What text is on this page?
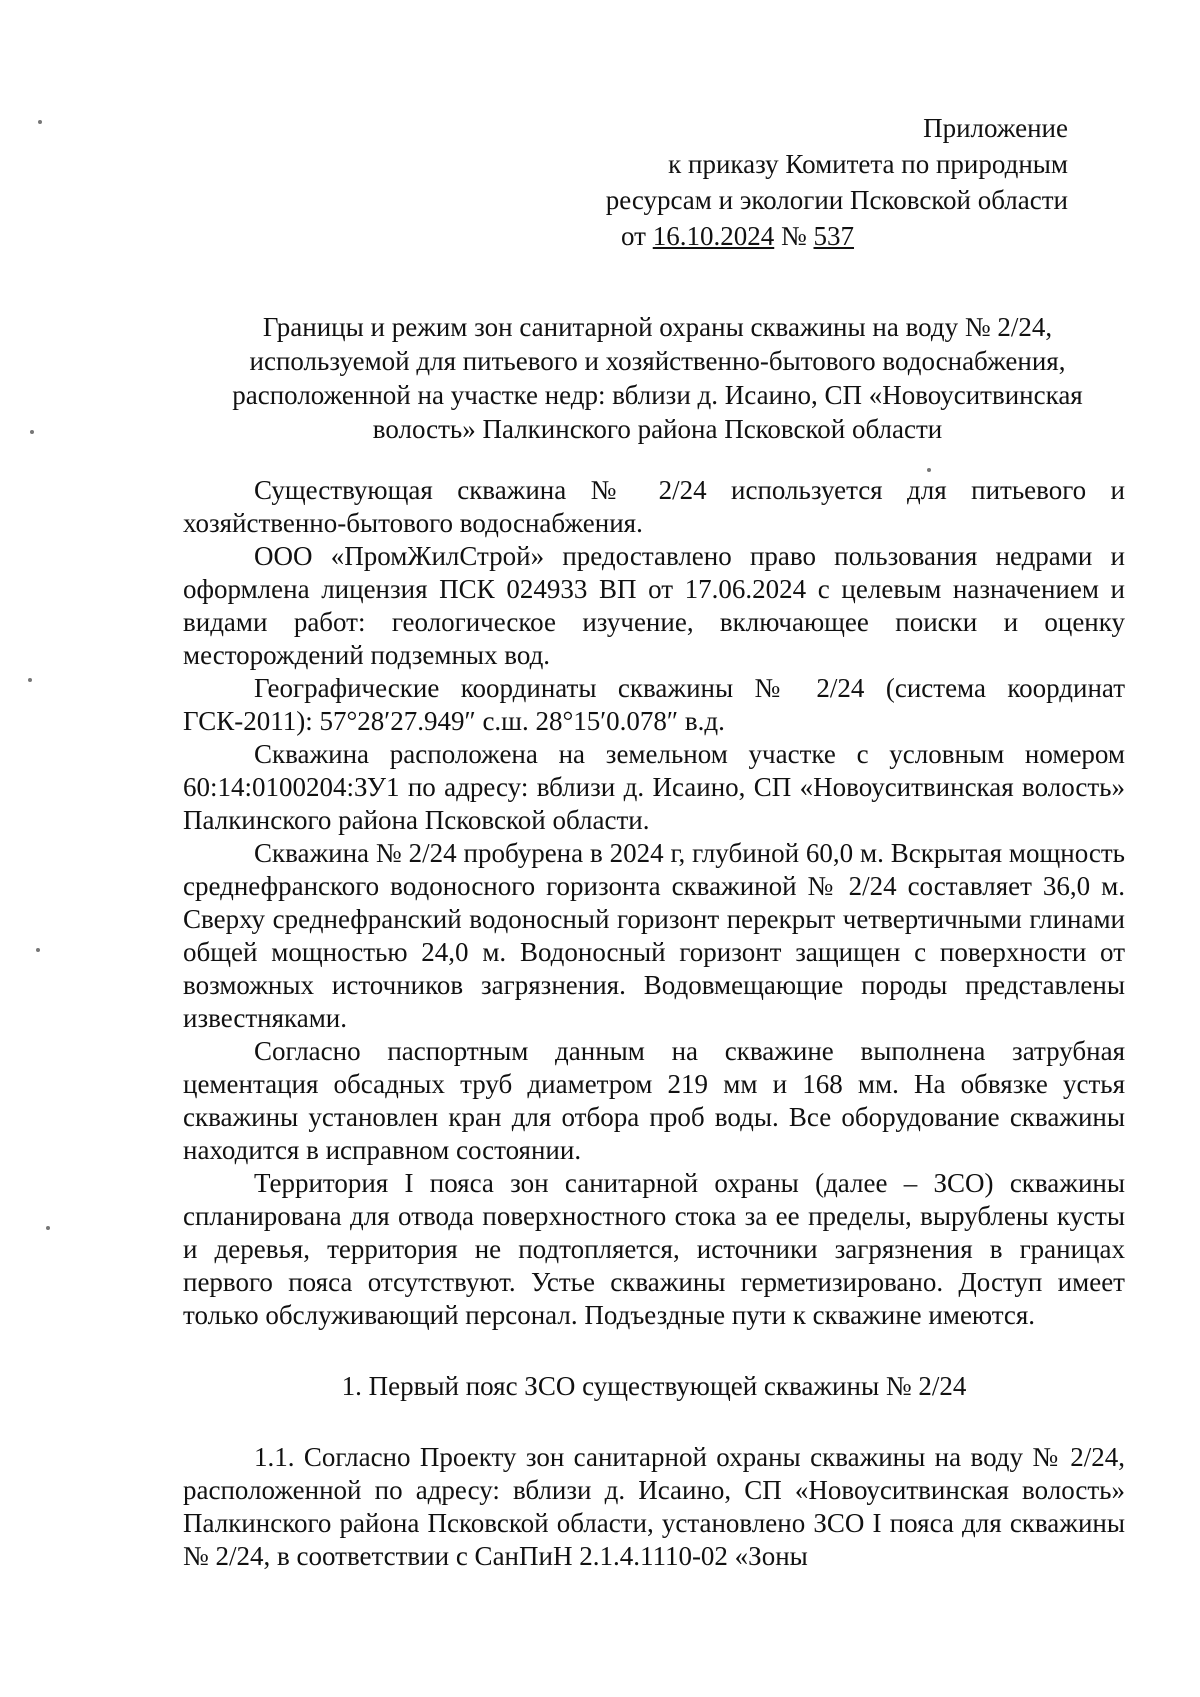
Приложение
к приказу Комитета по природным
ресурсам и экологии Псковской области
от 16.10.2024 № 537
Границы и режим зон санитарной охраны скважины на воду № 2/24,
используемой для питьевого и хозяйственно-бытового водоснабжения,
расположенной на участке недр: вблизи д. Исаино, СП «Новоуситвинская
волость» Палкинского района Псковской области

Существующая скважина № 2/24 используется для питьевого и хозяйственно-бытового водоснабжения.

ООО «ПромЖилСтрой» предоставлено право пользования недрами и оформлена лицензия ПСК 024933 ВП от 17.06.2024 с целевым назначением и видами работ: геологическое изучение, включающее поиски и оценку месторождений подземных вод.

Географические координаты скважины № 2/24 (система координат ГСК-2011): 57°28′27.949″ с.ш. 28°15′0.078″ в.д.

Скважина расположена на земельном участке с условным номером 60:14:0100204:ЗУ1 по адресу: вблизи д. Исаино, СП «Новоуситвинская волость» Палкинского района Псковской области.

Скважина № 2/24 пробурена в 2024 г, глубиной 60,0 м. Вскрытая мощность среднефранского водоносного горизонта скважиной № 2/24 составляет 36,0 м. Сверху среднефранский водоносный горизонт перекрыт четвертичными глинами общей мощностью 24,0 м. Водоносный горизонт защищен с поверхности от возможных источников загрязнения. Водовмещающие породы представлены известняками.

Согласно паспортным данным на скважине выполнена затрубная цементация обсадных труб диаметром 219 мм и 168 мм. На обвязке устья скважины установлен кран для отбора проб воды. Все оборудование скважины находится в исправном состоянии.

Территория I пояса зон санитарной охраны (далее – ЗСО) скважины спланирована для отвода поверхностного стока за ее пределы, вырублены кусты и деревья, территория не подтопляется, источники загрязнения в границах первого пояса отсутствуют. Устье скважины герметизировано. Доступ имеет только обслуживающий персонал. Подъездные пути к скважине имеются.

1. Первый пояс ЗСО существующей скважины № 2/24

1.1. Согласно Проекту зон санитарной охраны скважины на воду № 2/24, расположенной по адресу: вблизи д. Исаино, СП «Новоуситвинская волость» Палкинского района Псковской области, установлено ЗСО I пояса для скважины № 2/24, в соответствии с СанПиН 2.1.4.1110-02 «Зоны
